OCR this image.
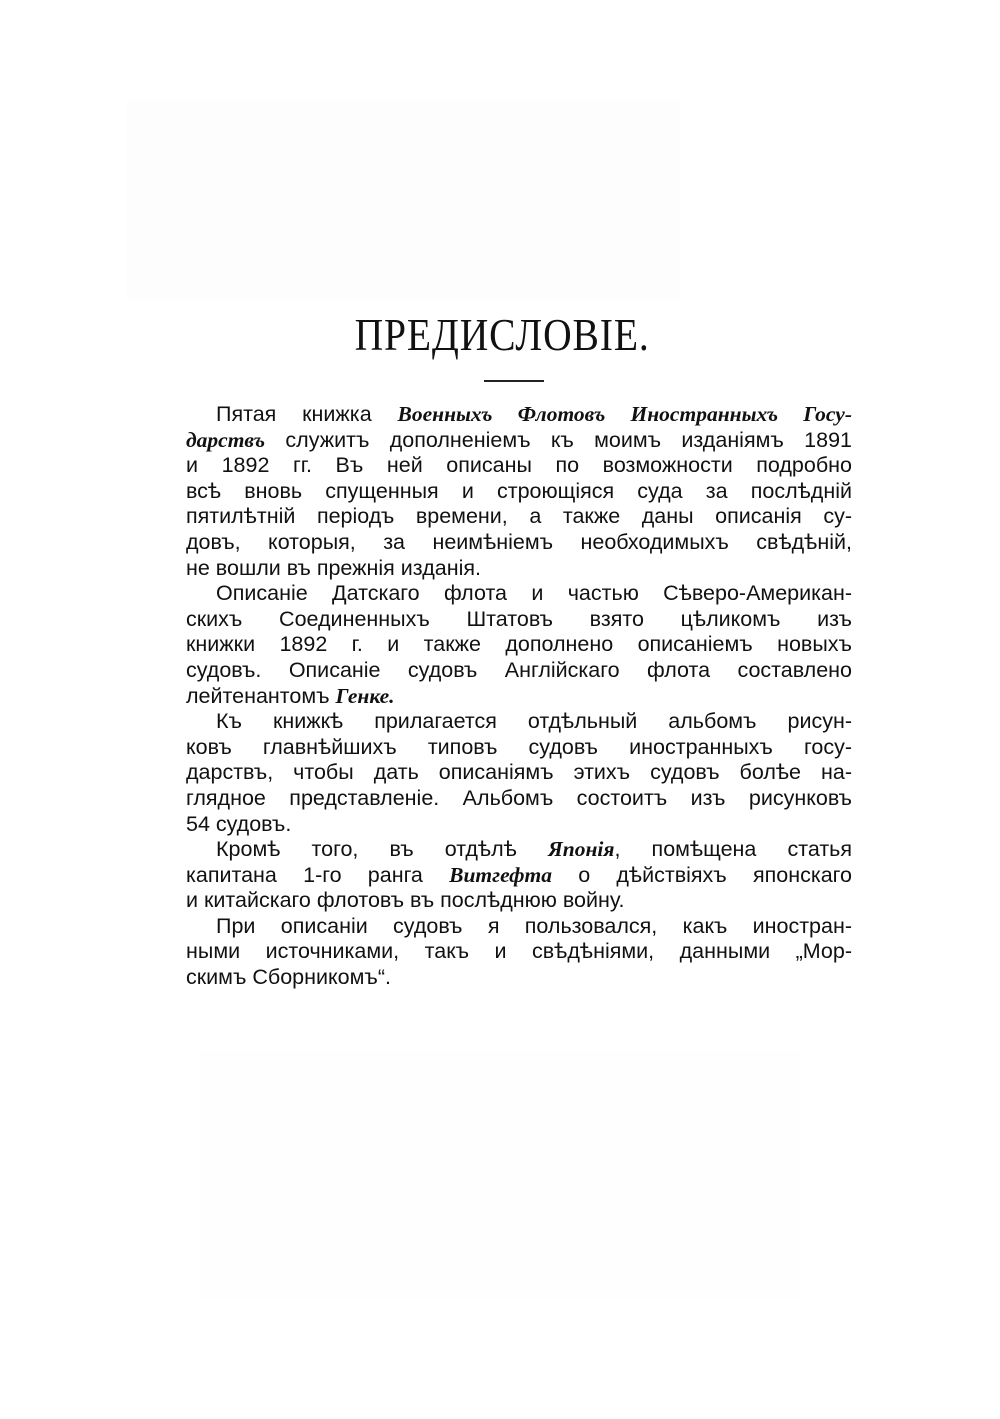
ПРЕДИСЛОВІЕ.
Пятая книжка Военныхъ Флотовъ Иностранныхъ Госу-
дарствъ служитъ дополненіемъ къ моимъ изданіямъ 1891
и 1892 гг. Въ ней описаны по возможности подробно
всѣ вновь спущенныя и строющіяся суда за послѣдній
пятилѣтній періодъ времени, а также даны описанія су-
довъ, которыя, за неимѣніемъ необходимыхъ свѣдѣній,
не вошли въ прежнія изданія.
Описаніе Датскаго флота и частью Сѣверо-Американ-
скихъ Соединенныхъ Штатовъ взято цѣликомъ изъ
книжки 1892 г. и также дополнено описаніемъ новыхъ
судовъ. Описаніе судовъ Англійскаго флота составлено
лейтенантомъ Генке.
Къ книжкѣ прилагается отдѣльный альбомъ рисун-
ковъ главнѣйшихъ типовъ судовъ иностранныхъ госу-
дарствъ, чтобы дать описаніямъ этихъ судовъ болѣе на-
глядное представленіе. Альбомъ состоитъ изъ рисунковъ
54 судовъ.
Кромѣ того, въ отдѣлѣ Японія, помѣщена статья
капитана 1-го ранга Витгефта о дѣйствіяхъ японскаго
и китайскаго флотовъ въ послѣднюю войну.
При описаніи судовъ я пользовался, какъ иностран-
ными источниками, такъ и свѣдѣніями, данными „Мор-
скимъ Сборникомъ“.
